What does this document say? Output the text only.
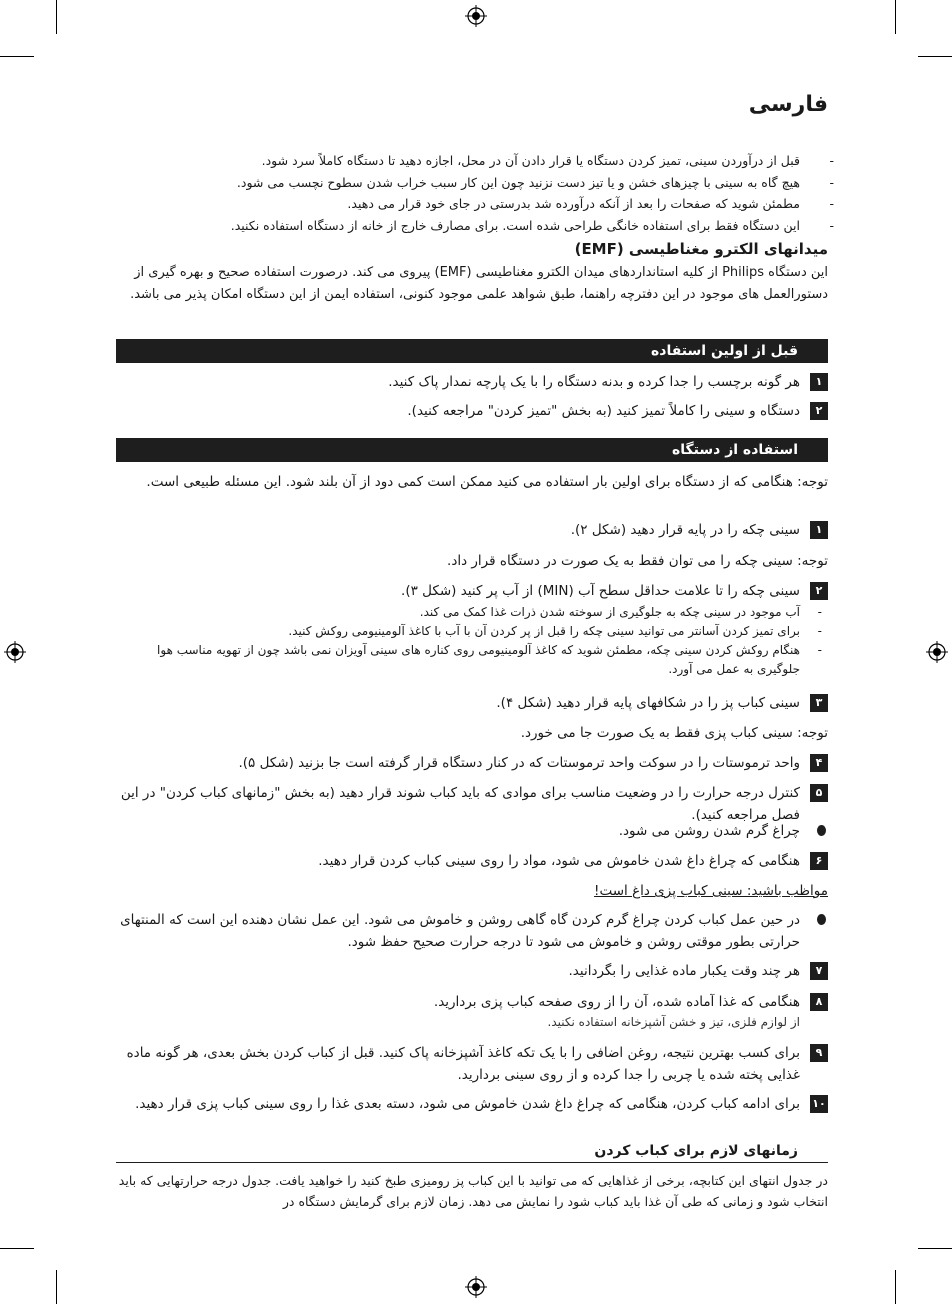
فارسی
-
قبل از درآوردن سینی، تمیز کردن دستگاه یا قرار دادن آن در محل، اجازه دهید تا دستگاه کاملاً سرد شود.
-
هیچ گاه به سینی با چیزهای خشن و یا تیز دست نزنید چون این کار سبب خراب شدن سطوح نچسب می شود.
-
مطمئن شوید که صفحات را بعد از آنکه درآورده شد بدرستی در جای خود قرار می دهید.
-
این دستگاه فقط برای استفاده خانگی طراحی شده است. برای مصارف خارج از خانه از دستگاه استفاده نکنید.
میدانهای الکترو مغناطیسی (EMF)
این دستگاه Philips از کلیه استانداردهای میدان الکترو مغناطیسی (EMF) پیروی می کند. درصورت استفاده صحیح و بهره گیری از دستورالعمل های موجود در این دفترچه راهنما، طبق شواهد علمی موجود کنونی، استفاده ایمن از این دستگاه امکان پذیر می باشد.
قبل از اولین استفاده
١
هر گونه برچسب را جدا کرده و بدنه دستگاه را با یک پارچه نمدار پاک کنید.
٢
دستگاه و سینی را کاملاً تمیز کنید (به بخش "تمیز کردن" مراجعه کنید).
استفاده از دستگاه
توجه: هنگامی که از دستگاه برای اولین بار استفاده می کنید ممکن است کمی دود از آن بلند شود. این مسئله طبیعی است.
١
سینی چکه را در پایه قرار دهید (شکل ٢).
توجه: سینی چکه را می توان فقط به یک صورت در دستگاه قرار داد.
٢
سینی چکه را تا علامت حداقل سطح آب (MIN) از آب پر کنید (شکل ٣).
-
آب موجود در سینی چکه به جلوگیری از سوخته شدن ذرات غذا کمک می کند.
-
برای تمیز کردن آسانتر می توانید سینی چکه را قبل از پر کردن آن با آب با کاغذ آلومینیومی روکش کنید.
-
هنگام روکش کردن سینی چکه، مطمئن شوید که کاغذ آلومینیومی روی کناره های سینی آویزان نمی باشد چون از تهویه مناسب هوا جلوگیری به عمل می آورد.
٣
سینی کباب پز را در شکافهای پایه قرار دهید (شکل ۴).
توجه: سینی کباب پزی فقط به یک صورت جا می خورد.
۴
واحد ترموستات را در سوکت واحد ترموستات که در کنار دستگاه قرار گرفته است جا بزنید (شکل ۵).
۵
کنترل درجه حرارت را در وضعیت مناسب برای موادی که باید کباب شوند قرار دهید (به بخش "زمانهای کباب کردن" در این فصل مراجعه کنید).
چراغ گرم شدن روشن می شود.
۶
هنگامی که چراغ داغ شدن خاموش می شود، مواد را روی سینی کباب کردن قرار دهید.
مواظب باشید: سینی کباب پزی داغ است!
در حین عمل کباب کردن چراغ گرم کردن گاه گاهی روشن و خاموش می شود. این عمل نشان دهنده این است که المنتهای حرارتی بطور موقتی روشن و خاموش می شود تا درجه حرارت صحیح حفظ شود.
٧
هر چند وقت یکبار ماده غذایی را بگردانید.
٨
هنگامی که غذا آماده شده، آن را از روی صفحه کباب پزی بردارید.
از لوازم فلزی، تیز و خشن آشپزخانه استفاده نکنید.
٩
برای کسب بهترین نتیجه، روغن اضافی را با یک تکه کاغذ آشپزخانه پاک کنید. قبل از کباب کردن بخش بعدی، هر گونه ماده غذایی پخته شده یا چربی را جدا کرده و از روی سینی بردارید.
١٠
برای ادامه کباب کردن، هنگامی که چراغ داغ شدن خاموش می شود، دسته بعدی غذا را روی سینی کباب پزی قرار دهید.
زمانهای لازم برای کباب کردن
در جدول انتهای این کتابچه، برخی از غذاهایی که می توانید با این کباب پز رومیزی طبخ کنید را خواهید یافت. جدول درجه حرارتهایی که باید انتخاب شود و زمانی که طی آن غذا باید کباب شود را نمایش می دهد. زمان لازم برای گرمایش دستگاه در
